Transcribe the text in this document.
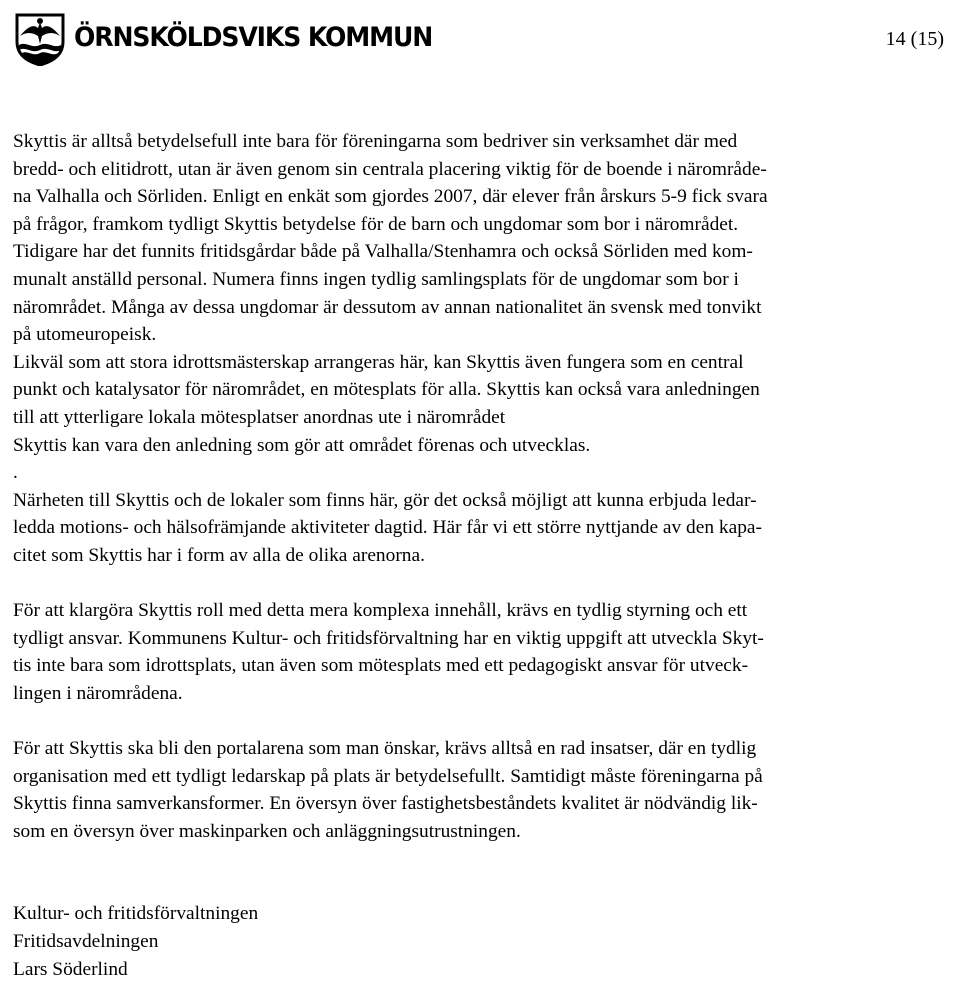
ÖRNSKÖLDSVIKS KOMMUN	14 (15)
Skyttis är alltså betydelsefull inte bara för föreningarna som bedriver sin verksamhet där med
bredd- och elitidrott, utan är även genom sin centrala placering viktig för de boende i närområde-
na Valhalla och Sörliden. Enligt en enkät som gjordes 2007, där elever från årskurs 5-9 fick svara
på frågor, framkom tydligt Skyttis betydelse för de barn och ungdomar som bor i närområdet.
Tidigare har det funnits fritidsgårdar både på Valhalla/Stenhamra och också Sörliden med kom-
munalt anställd personal. Numera finns ingen tydlig samlingsplats för de ungdomar som bor i
närområdet. Många av dessa ungdomar är dessutom av annan nationalitet än svensk med tonvikt
på utomeuropeisk.
Likväl som att stora idrottsmästerskap arrangeras här, kan Skyttis även fungera som en central
punkt och katalysator för närområdet, en mötesplats för alla. Skyttis kan också vara anledningen
till att ytterligare lokala mötesplatser anordnas ute i närområdet
Skyttis kan vara den anledning som gör att området förenas och utvecklas.
.
Närheten till Skyttis och de lokaler som finns här, gör det också möjligt att kunna erbjuda ledar-
ledda motions- och hälsofrämjande aktiviteter dagtid. Här får vi ett större nyttjande av den kapa-
citet som Skyttis har i form av alla de olika arenorna.
För att klargöra Skyttis roll med detta mera komplexa innehåll, krävs en tydlig styrning och ett
tydligt ansvar. Kommunens Kultur- och fritidsförvaltning har en viktig uppgift att utveckla Skyt-
tis inte bara som idrottsplats, utan även som mötesplats med ett pedagogiskt ansvar för utveck-
lingen i närområdena.
För att Skyttis ska bli den portalarena som man önskar, krävs alltså en rad insatser, där en tydlig
organisation med ett tydligt ledarskap på plats är betydelsefullt. Samtidigt måste föreningarna på
Skyttis finna samverkansformer. En översyn över fastighetsbeståndets kvalitet är nödvändig lik-
som en översyn över maskinparken och anläggningsutrustningen.
Kultur- och fritidsförvaltningen
Fritidsavdelningen
Lars Söderlind
